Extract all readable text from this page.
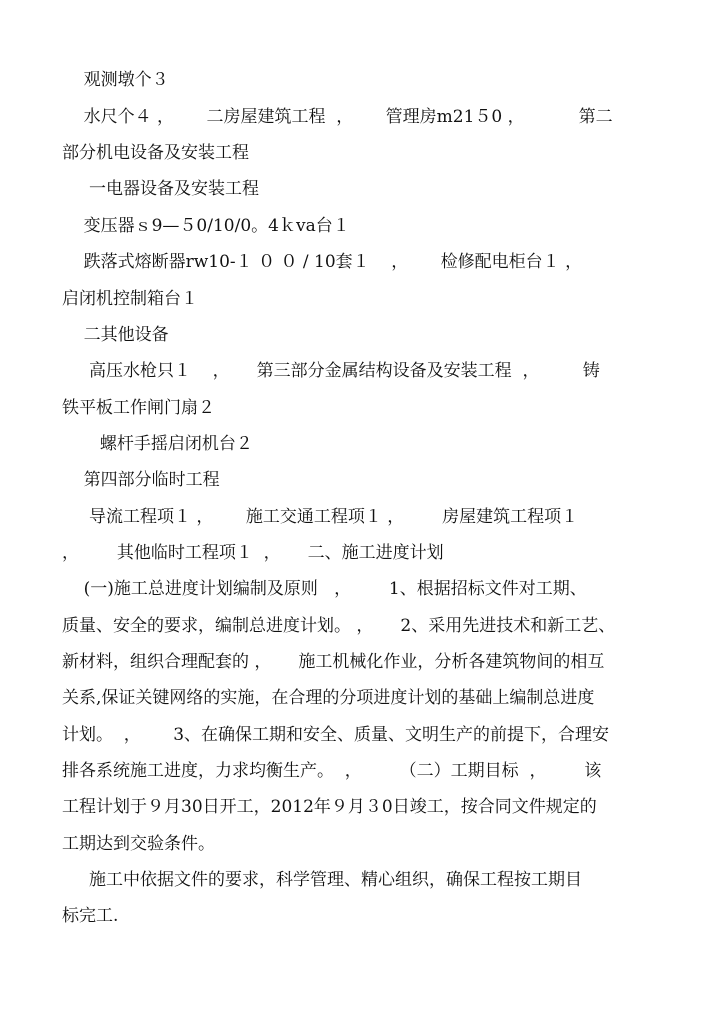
观测墩个３

水尺个４ ，      二房屋建筑工程  ，      管理房m21５0 ，          第二

部分机电设备及安装工程

一电器设备及安装工程

变压器ｓ9—５0/10/0。4ｋva台１

跌落式熔断器rw10-１ ０ ０ / 10套１    ，      检修配电柜台１ ，

启闭机控制箱台１

二其他设备

高压水枪只１    ，     第三部分金属结构设备及安装工程  ，        铸

铁平板工作闸门扇２

螺杆手摇启闭机台２

第四部分临时工程

导流工程项１ ，      施工交通工程项１ ，       房屋建筑工程项１

，       其他临时工程项１  ，     二、施工进度计划

(一)施工总进度计划编制及原则   ，       1、根据招标文件对工期、

质量、安全的要求，编制总进度计划。 ，     2、采用先进技术和新工艺、

新材料，组织合理配套的 ，     施工机械化作业，分析各建筑物间的相互

关系,保证关键网络的实施，在合理的分项进度计划的基础上编制总进度

计划。  ，      3、在确保工期和安全、质量、文明生产的前提下，合理安

排各系统施工进度，力求均衡生产。  ，       （二）工期目标  ，       该

工程计划于９月30日开工，2012年９月３0日竣工，按合同文件规定的

工期达到交验条件。

施工中依据文件的要求，科学管理、精心组织，确保工程按工期目

标完工.
